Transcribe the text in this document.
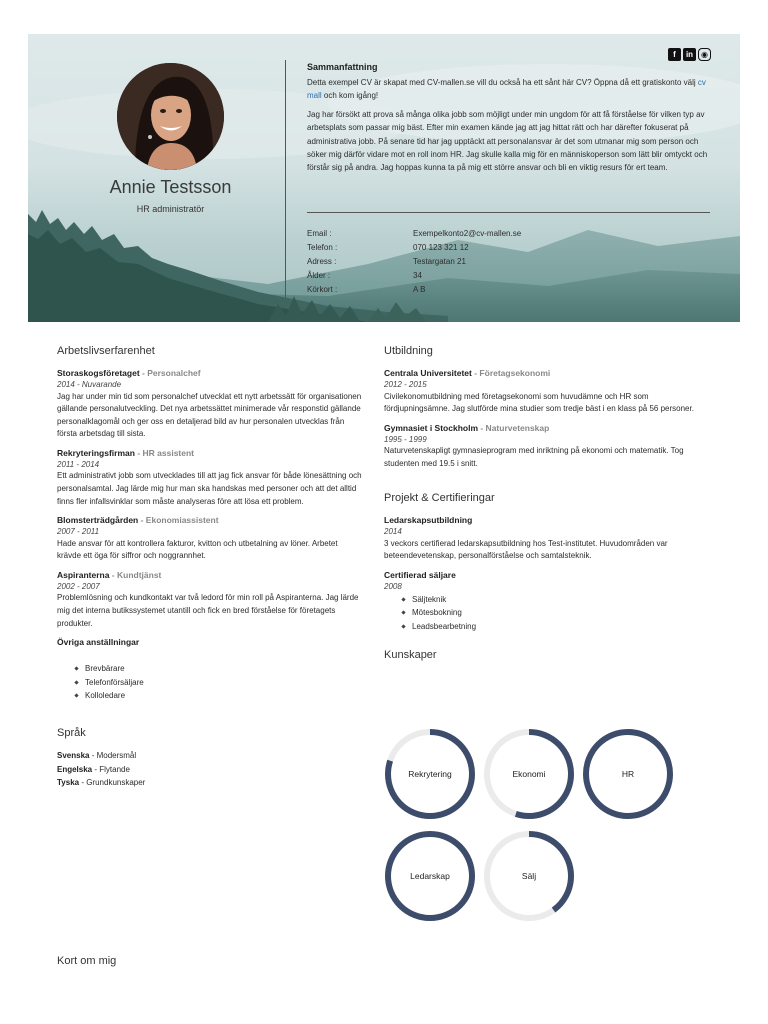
Annie Testsson
HR administratör
f	in ◉
Sammanfattning

Detta exempel CV är skapat med CV-mallen.se vill du också ha ett sånt här CV? Öppna då ett gratiskonto välj cv mall och kom igång!

Jag har försökt att prova så många olika jobb som möjligt under min ungdom för att få förståelse för vilken typ av arbetsplats som passar mig bäst. Efter min examen kände jag att jag hittat rätt och har därefter fokuserat på administrativa jobb. På senare tid har jag upptäckt att personalansvar är det som utmanar mig som person och söker mig därför vidare mot en roll inom HR. Jag skulle kalla mig för en människoperson som lätt blir omtyckt och förstår sig på andra. Jag hoppas kunna ta på mig ett större ansvar och bli en viktig resurs för ert team.

Email :	Exempelkonto2@cv-mallen.se
Telefon :	070 123 321 12
Adress :	Testargatan 21
Ålder :	34
Körkort :	A B
Arbetslivserfarenhet
Storaskogsföretaget - Personalchef
2014 - Nuvarande
Jag har under min tid som personalchef utvecklat ett nytt arbetssätt för organisationen gällande personalutveckling. Det nya arbetssättet minimerade vår responstid gällande personalklagomål och ger oss en detaljerad bild av hur personalen utvecklas från första arbetsdag till sista.
Rekryteringsfirman - HR assistent
2011 - 2014
Ett administrativt jobb som utvecklades till att jag fick ansvar för både lönesättning och personalsamtal. Jag lärde mig hur man ska handskas med personer och att det alltid finns fler infallsvinklar som måste analyseras före att lösa ett problem.
Blomsterträdgården - Ekonomiassistent
2007 - 2011
Hade ansvar för att kontrollera fakturor, kvitton och utbetalning av löner. Arbetet krävde ett öga för siffror och noggrannhet.
Aspiranterna - Kundtjänst
2002 - 2007
Problemlösning och kundkontakt var två ledord för min roll på Aspiranterna. Jag lärde mig det interna butikssystemet utantill och fick en bred förståelse för företagets produkter.
Övriga anställningar
Brevbärare
Telefonförsäljare
Kolloledare
Språk
Svenska - Modersmål
Engelska - Flytande
Tyska - Grundkunskaper
Utbildning
Centrala Universitetet - Företagsekonomi
2012 - 2015
Civilekonomutbildning med företagsekonomi som huvudämne och HR som fördjupningsämne. Jag slutförde mina studier som tredje bäst i en klass på 56 personer.
Gymnasiet i Stockholm - Naturvetenskap
1995 - 1999
Naturvetenskapligt gymnasieprogram med inriktning på ekonomi och matematik. Tog studenten med 19.5 i snitt.
Projekt & Certifieringar
Ledarskapsutbildning
2014
3 veckors certifierad ledarskapsutbildning hos Test-institutet. Huvudområden var beteendevetenskap, personalförståelse och samtalsteknik.
Certifierad säljare
2008
Säljteknik
Mötesbokning
Leadsbearbetning
Kunskaper
Rekrytering	Ekonomi	HR
Ledarskap	Sälj
Kort om mig
